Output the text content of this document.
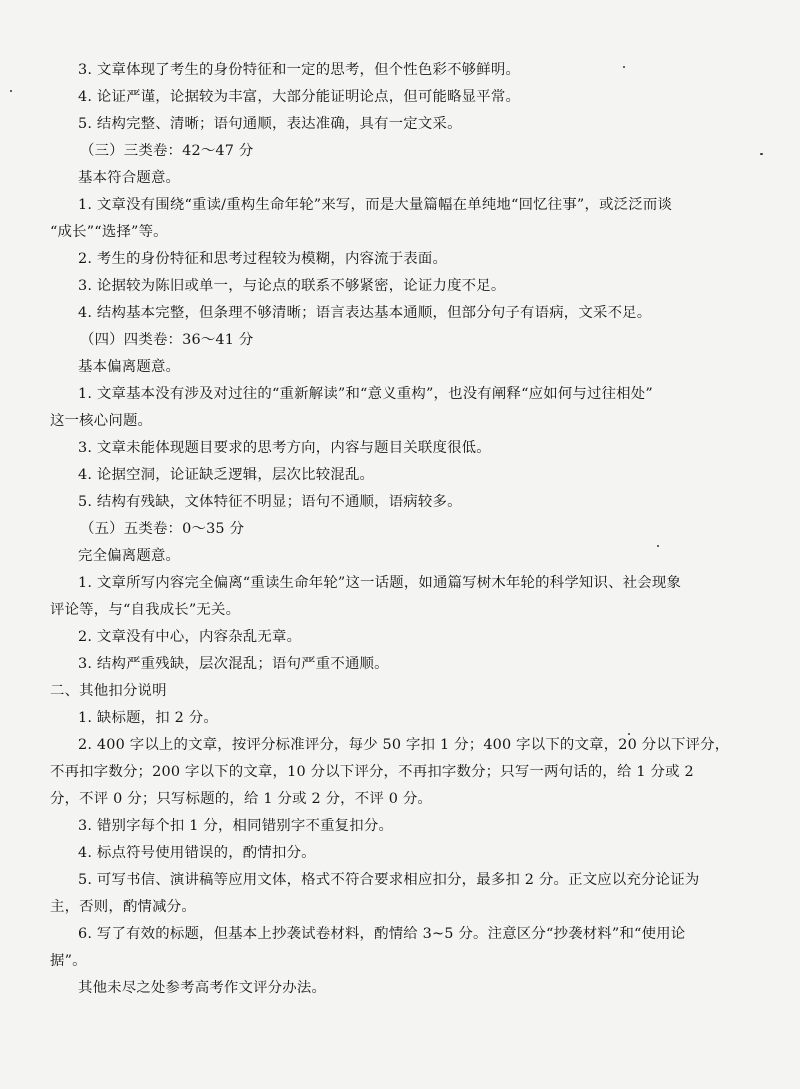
3. 文章体现了考生的身份特征和一定的思考，但个性色彩不够鲜明。
4. 论证严谨，论据较为丰富，大部分能证明论点，但可能略显平常。
5. 结构完整、清晰；语句通顺，表达准确，具有一定文采。
（三）三类卷：42～47 分
基本符合题意。
1. 文章没有围绕“重读/重构生命年轮”来写，而是大量篇幅在单纯地“回忆往事”，或泛泛而谈
“成长”“选择”等。
2. 考生的身份特征和思考过程较为模糊，内容流于表面。
3. 论据较为陈旧或单一，与论点的联系不够紧密，论证力度不足。
4. 结构基本完整，但条理不够清晰；语言表达基本通顺，但部分句子有语病，文采不足。
（四）四类卷：36～41 分
基本偏离题意。
1. 文章基本没有涉及对过往的“重新解读”和“意义重构”，也没有阐释“应如何与过往相处”
这一核心问题。
3. 文章未能体现题目要求的思考方向，内容与题目关联度很低。
4. 论据空洞，论证缺乏逻辑，层次比较混乱。
5. 结构有残缺，文体特征不明显；语句不通顺，语病较多。
（五）五类卷：0～35 分
完全偏离题意。
1. 文章所写内容完全偏离“重读生命年轮”这一话题，如通篇写树木年轮的科学知识、社会现象
评论等，与“自我成长”无关。
2. 文章没有中心，内容杂乱无章。
3. 结构严重残缺，层次混乱；语句严重不通顺。
二、其他扣分说明
1. 缺标题，扣 2 分。
2. 400 字以上的文章，按评分标准评分，每少 50 字扣 1 分；400 字以下的文章，20 分以下评分，
不再扣字数分；200 字以下的文章，10 分以下评分，不再扣字数分；只写一两句话的，给 1 分或 2
分，不评 0 分；只写标题的，给 1 分或 2 分，不评 0 分。
3. 错别字每个扣 1 分，相同错别字不重复扣分。
4. 标点符号使用错误的，酌情扣分。
5. 可写书信、演讲稿等应用文体，格式不符合要求相应扣分，最多扣 2 分。正文应以充分论证为
主，否则，酌情减分。
6. 写了有效的标题，但基本上抄袭试卷材料，酌情给 3~5 分。注意区分“抄袭材料”和“使用论
据”。
其他未尽之处参考高考作文评分办法。
